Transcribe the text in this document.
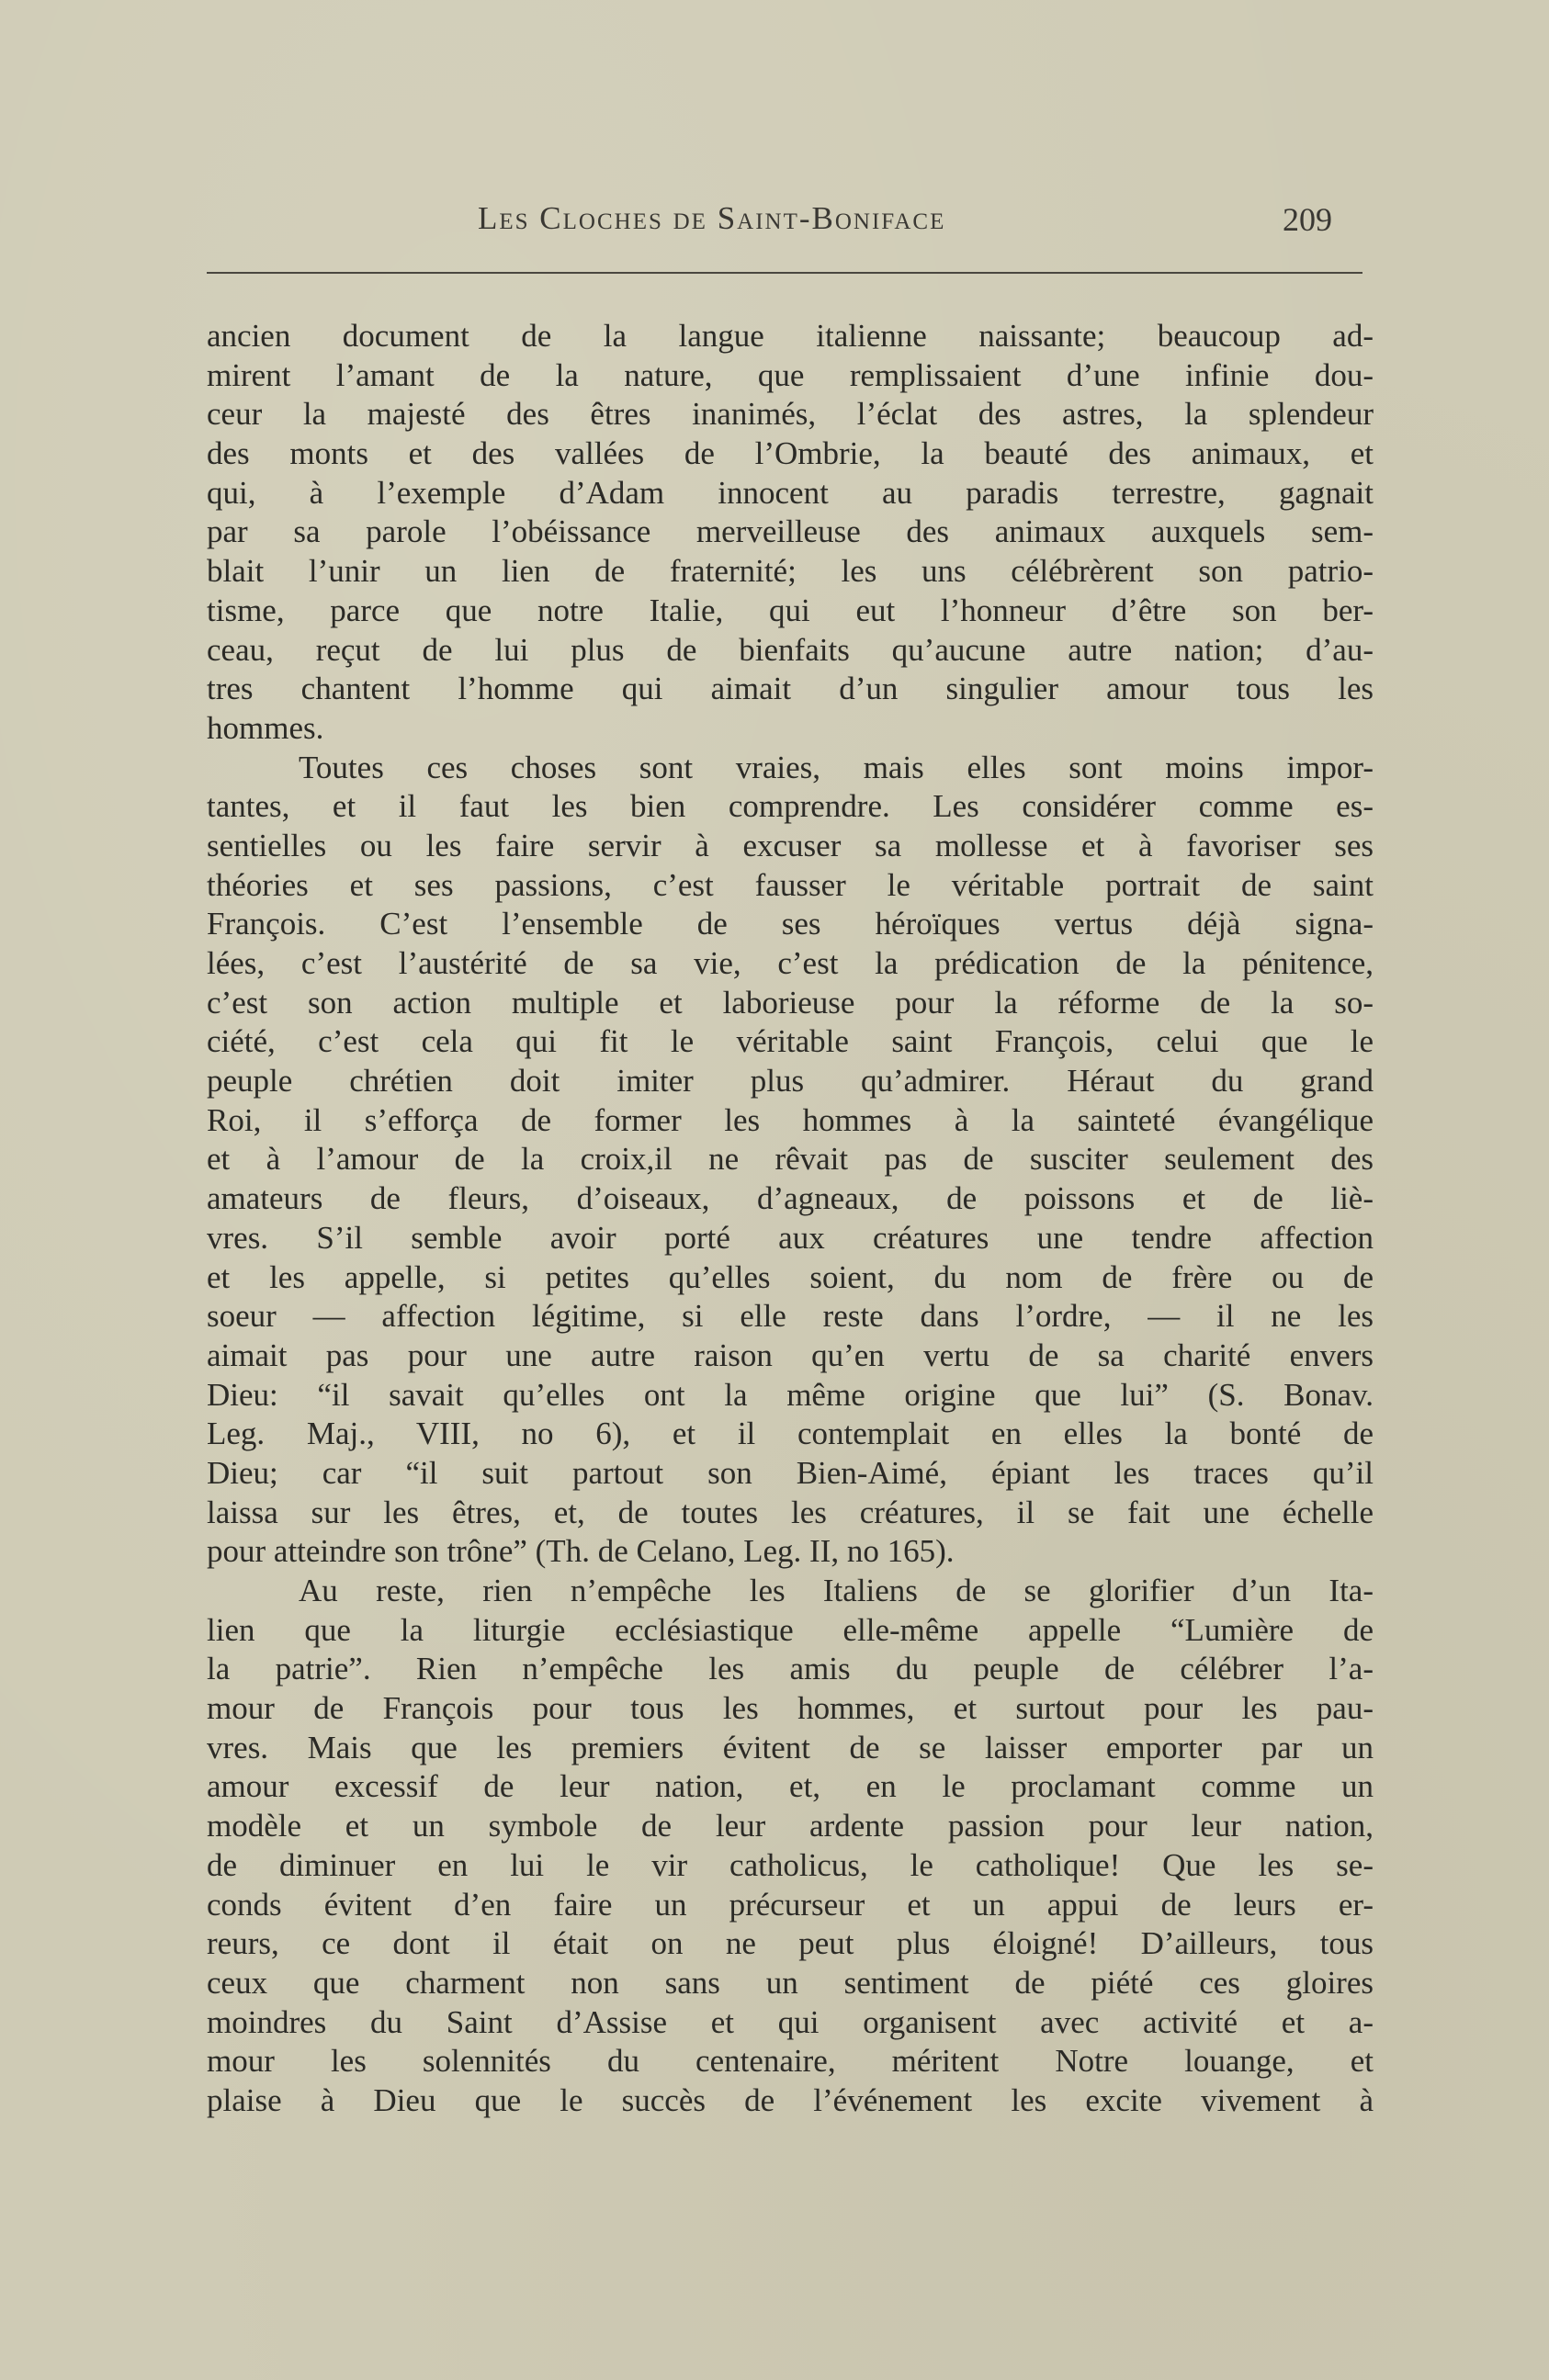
Les Cloches de Saint-Boniface	209
ancien document de la langue italienne naissante; beaucoup ad-
mirent l’amant de la nature, que remplissaient d’une infinie dou-
ceur la majesté des êtres inanimés, l’éclat des astres, la splendeur
des monts et des vallées de l’Ombrie, la beauté des animaux, et
qui, à l’exemple d’Adam innocent au paradis terrestre, gagnait
par sa parole l’obéissance merveilleuse des animaux auxquels sem-
blait l’unir un lien de fraternité; les uns célébrèrent son patrio-
tisme, parce que notre Italie, qui eut l’honneur d’être son ber-
ceau, reçut de lui plus de bienfaits qu’aucune autre nation; d’au-
tres chantent l’homme qui aimait d’un singulier amour tous les
hommes.
Toutes ces choses sont vraies, mais elles sont moins impor-
tantes, et il faut les bien comprendre. Les considérer comme es-
sentielles ou les faire servir à excuser sa mollesse et à favoriser ses
théories et ses passions, c’est fausser le véritable portrait de saint
François. C’est l’ensemble de ses héroïques vertus déjà signa-
lées, c’est l’austérité de sa vie, c’est la prédication de la pénitence,
c’est son action multiple et laborieuse pour la réforme de la so-
ciété, c’est cela qui fit le véritable saint François, celui que le
peuple chrétien doit imiter plus qu’admirer. Héraut du grand
Roi, il s’efforça de former les hommes à la sainteté évangélique
et à l’amour de la croix,il ne rêvait pas de susciter seulement des
amateurs de fleurs, d’oiseaux, d’agneaux, de poissons et de liè-
vres. S’il semble avoir porté aux créatures une tendre affection
et les appelle, si petites qu’elles soient, du nom de frère ou de
soeur — affection légitime, si elle reste dans l’ordre, — il ne les
aimait pas pour une autre raison qu’en vertu de sa charité envers
Dieu: “il savait qu’elles ont la même origine que lui” (S. Bonav.
Leg. Maj., VIII, no 6), et il contemplait en elles la bonté de
Dieu; car “il suit partout son Bien-Aimé, épiant les traces qu’il
laissa sur les êtres, et, de toutes les créatures, il se fait une échelle
pour atteindre son trône” (Th. de Celano, Leg. II, no 165).
Au reste, rien n’empêche les Italiens de se glorifier d’un Ita-
lien que la liturgie ecclésiastique elle-même appelle “Lumière de
la patrie”. Rien n’empêche les amis du peuple de célébrer l’a-
mour de François pour tous les hommes, et surtout pour les pau-
vres. Mais que les premiers évitent de se laisser emporter par un
amour excessif de leur nation, et, en le proclamant comme un
modèle et un symbole de leur ardente passion pour leur nation,
de diminuer en lui le vir catholicus, le catholique! Que les se-
conds évitent d’en faire un précurseur et un appui de leurs er-
reurs, ce dont il était on ne peut plus éloigné! D’ailleurs, tous
ceux que charment non sans un sentiment de piété ces gloires
moindres du Saint d’Assise et qui organisent avec activité et a-
mour les solennités du centenaire, méritent Notre louange, et
plaise à Dieu que le succès de l’événement les excite vivement à
